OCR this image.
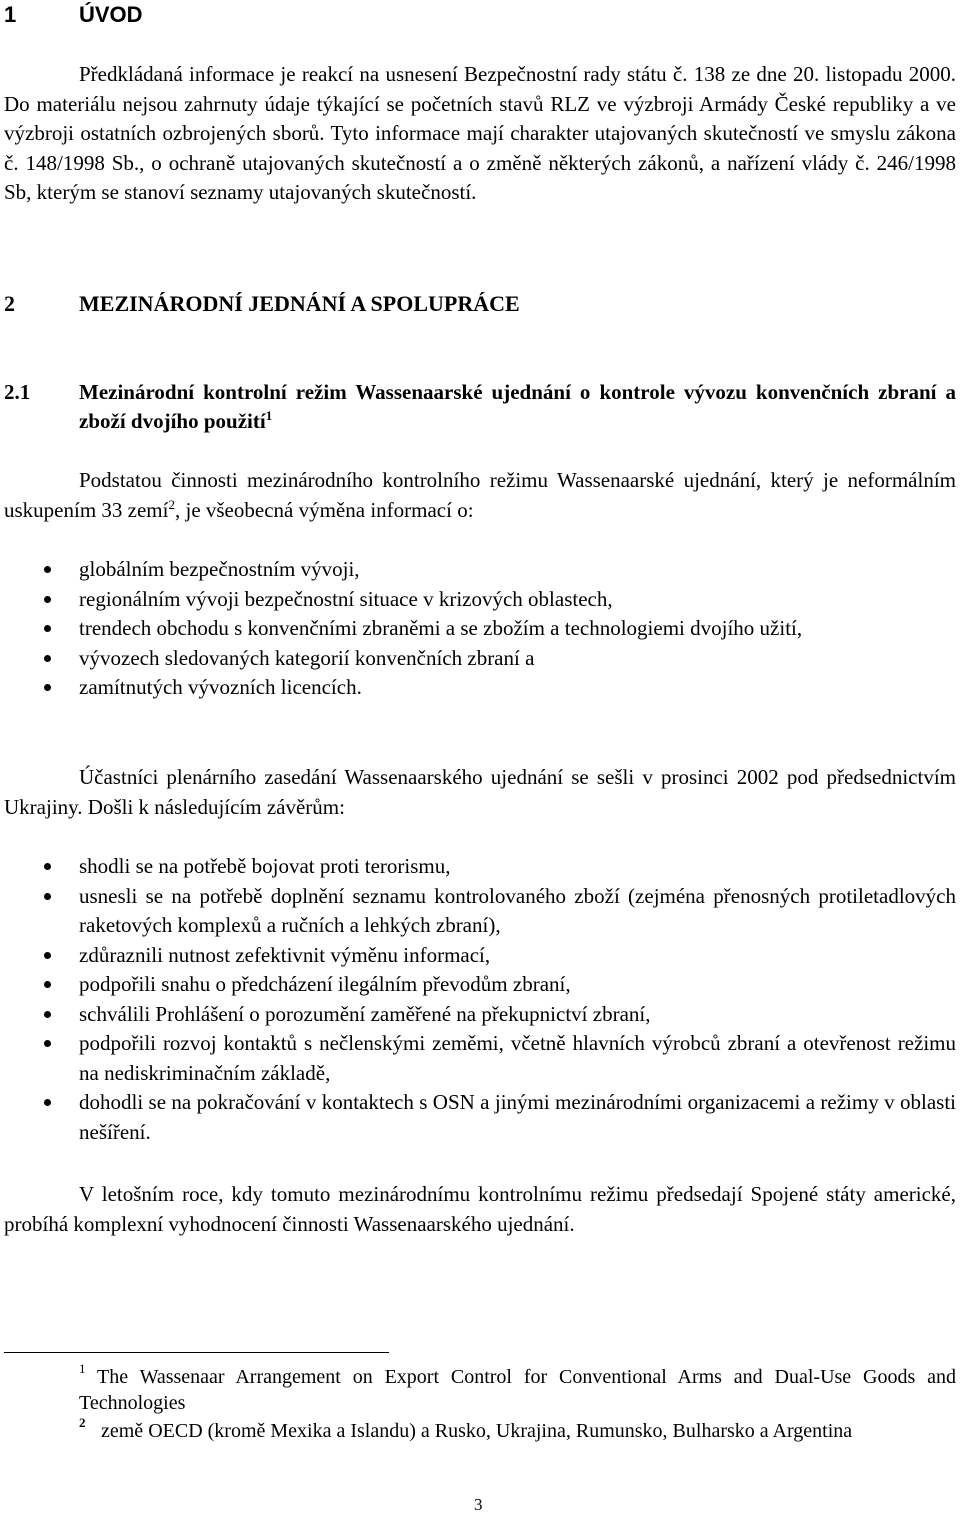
1	ÚVOD

Předkládaná informace je reakcí na usnesení Bezpečnostní rady státu č. 138 ze dne 20. listopadu 2000. Do materiálu nejsou zahrnuty údaje týkající se početních stavů RLZ ve výzbroji Armády České republiky a ve výzbroji ostatních ozbrojených sborů. Tyto informace mají charakter utajovaných skutečností ve smyslu zákona č. 148/1998 Sb., o ochraně utajovaných skutečností a o změně některých zákonů, a nařízení vlády č. 246/1998 Sb, kterým se stanoví seznamy utajovaných skutečností.

2	MEZINÁRODNÍ JEDNÁNÍ A SPOLUPRÁCE
2.1 Mezinárodní kontrolní režim Wassenaarské ujednání o kontrole vývozu konvenčních zbraní a zboží dvojího použití$^1$

Podstatou činnosti mezinárodního kontrolního režimu Wassenaarské ujednání, který je neformálním uskupením 33 zemí$^2$, je všeobecná výměna informací o:

globálním bezpečnostním vývoji,
regionálním vývoji bezpečnostní situace v krizových oblastech,
trendech obchodu s konvenčními zbraněmi a se zbožím a technologiemi dvojího užití,
vývozech sledovaných kategorií konvenčních zbraní a
zamítnutých vývozních licencích.

Účastníci plenárního zasedání Wassenaarského ujednání se sešli v prosinci 2002 pod předsednictvím Ukrajiny. Došli k následujícím závěrům:

shodli se na potřebě bojovat proti terorismu,
usnesli se na potřebě doplnění seznamu kontrolovaného zboží (zejména přenosných protiletadlových raketových komplexů a ručních a lehkých zbraní),
zdůraznili nutnost zefektivnit výměnu informací,
podpořili snahu o předcházení ilegálním převodům zbraní,
schválili Prohlášení o porozumění zaměřené na překupnictví zbraní,
podpořili rozvoj kontaktů s nečlenskými zeměmi, včetně hlavních výrobců zbraní a otevřenost režimu na nediskriminačním základě,
dohodli se na pokračování v kontaktech s OSN a jinými mezinárodními organizacemi a režimy v oblasti nešíření.

V letošním roce, kdy tomuto mezinárodnímu kontrolnímu režimu předsedají Spojené státy americké, probíhá komplexní vyhodnocení činnosti Wassenaarského ujednání.

1 The Wassenaar Arrangement on Export Control for Conventional Arms and Dual-Use Goods and Technologies
2 země OECD (kromě Mexika a Islandu) a Rusko, Ukrajina, Rumunsko, Bulharsko a Argentina
3
